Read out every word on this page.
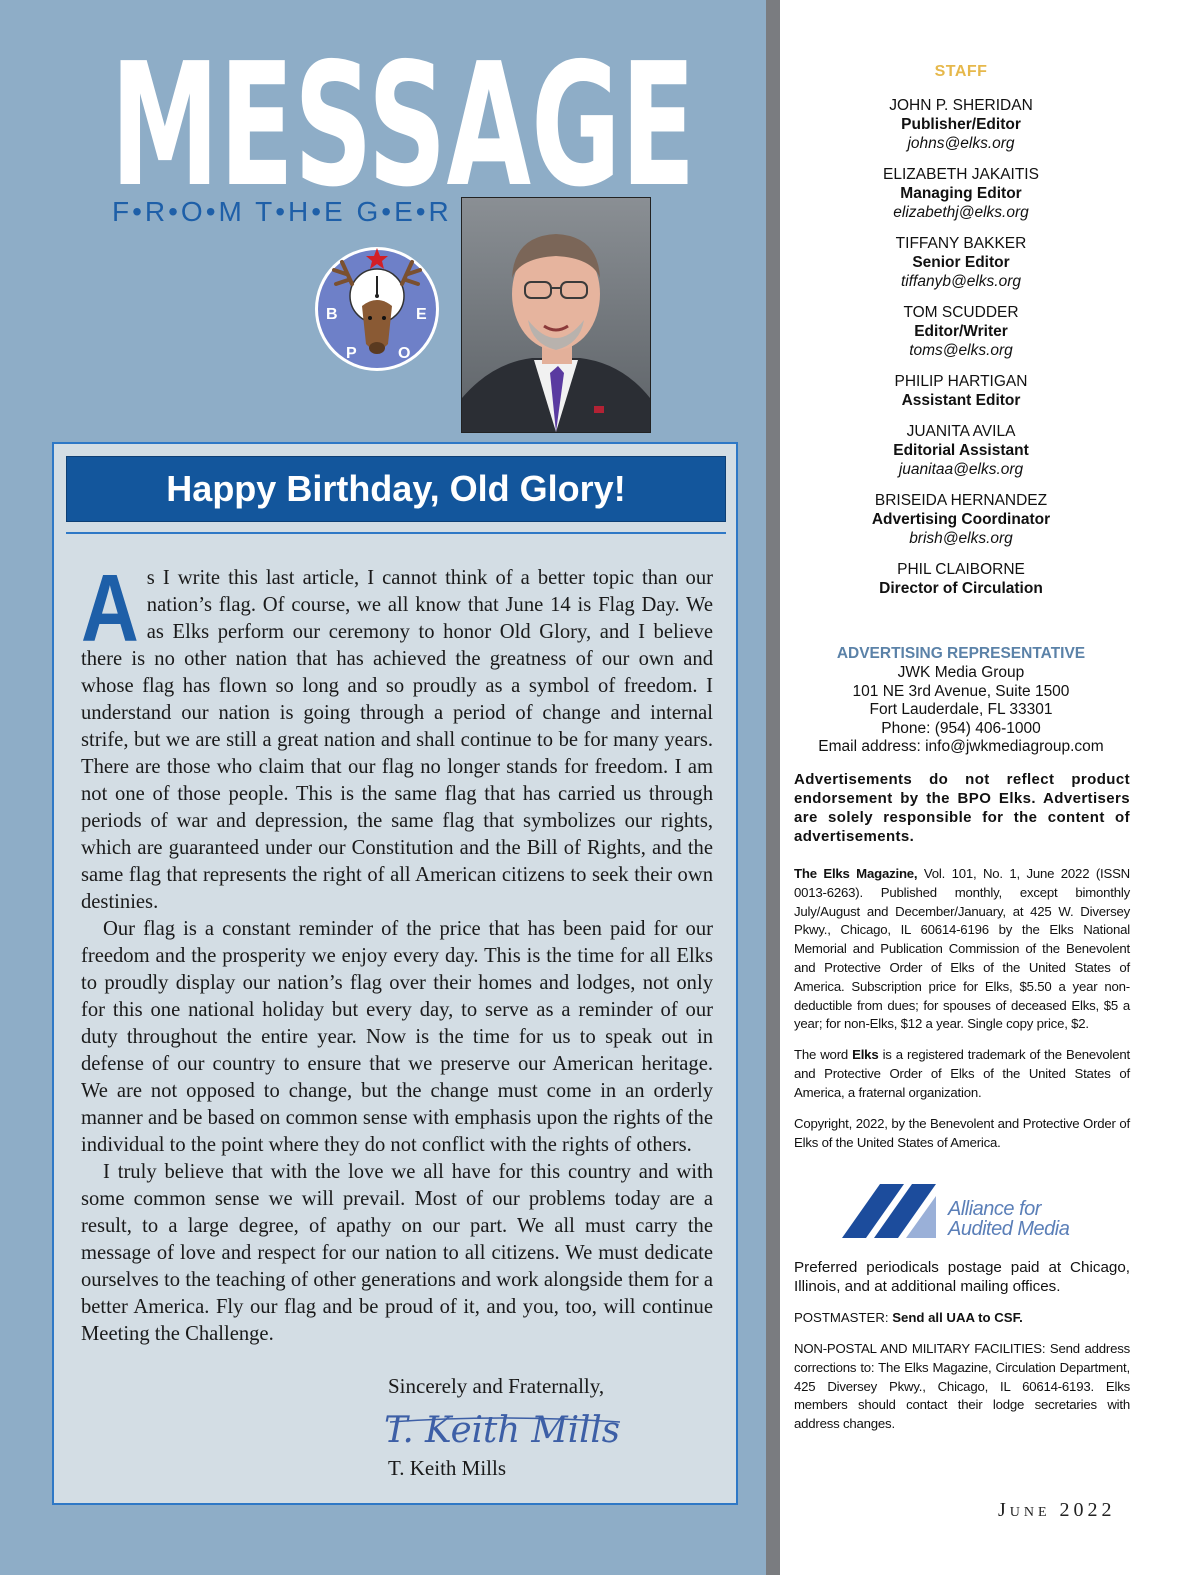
MESSAGE
F•R•O•M T•H•E G•E•R
B
P	O
E
Happy Birthday, Old Glory!

As I write this last article, I cannot think of a better topic than our nation’s flag. Of course, we all know that June 14 is Flag Day. We as Elks perform our ceremony to honor Old Glory, and I believe there is no other nation that has achieved the greatness of our own and whose flag has flown so long and so proudly as a symbol of freedom. I understand our nation is going through a period of change and internal strife, but we are still a great nation and shall continue to be for many years. There are those who claim that our flag no longer stands for freedom. I am not one of those people. This is the same flag that has carried us through periods of war and depression, the same flag that symbolizes our rights, which are guaranteed under our Constitution and the Bill of Rights, and the same flag that represents the right of all American citizens to seek their own destinies.

Our flag is a constant reminder of the price that has been paid for our freedom and the prosperity we enjoy every day. This is the time for all Elks to proudly display our nation’s flag over their homes and lodges, not only for this one national holiday but every day, to serve as a reminder of our duty throughout the entire year. Now is the time for us to speak out in defense of our country to ensure that we preserve our American heritage. We are not opposed to change, but the change must come in an orderly manner and be based on common sense with emphasis upon the rights of the individual to the point where they do not conflict with the rights of others.

I truly believe that with the love we all have for this country and with some common sense we will prevail. Most of our problems today are a result, to a large degree, of apathy on our part. We all must carry the message of love and respect for our nation to all citizens. We must dedicate ourselves to the teaching of other generations and work alongside them for a better America. Fly our flag and be proud of it, and you, too, will continue Meeting the Challenge.

Sincerely and Fraternally,
T. Keith Mills
T. Keith Mills
STAFF
JOHN P. SHERIDAN
Publisher/Editor
johns@elks.org
ELIZABETH JAKAITIS
Managing Editor
elizabethj@elks.org
TIFFANY BAKKER
Senior Editor
tiffanyb@elks.org
TOM SCUDDER
Editor/Writer
toms@elks.org
PHILIP HARTIGAN
Assistant Editor
JUANITA AVILA
Editorial Assistant
juanitaa@elks.org
BRISEIDA HERNANDEZ
Advertising Coordinator
brish@elks.org
PHIL CLAIBORNE
Director of Circulation
ADVERTISING REPRESENTATIVE
JWK Media Group
101 NE 3rd Avenue, Suite 1500
Fort Lauderdale, FL 33301
Phone: (954) 406-1000
Email address: info@jwkmediagroup.com
Advertisements do not reflect product endorsement by the BPO Elks. Advertisers are solely responsible for the content of advertisements.
The Elks Magazine, Vol. 101, No. 1, June 2022 (ISSN 0013-6263). Published monthly, except bimonthly July/August and December/January, at 425 W. Diversey Pkwy., Chicago, IL 60614-6196 by the Elks National Memorial and Publication Commission of the Benevolent and Protective Order of Elks of the United States of America. Subscription price for Elks, $5.50 a year non-deductible from dues; for spouses of deceased Elks, $5 a year; for non-Elks, $12 a year. Single copy price, $2.
The word Elks is a registered trademark of the Benevolent and Protective Order of Elks of the United States of America, a fraternal organization.
Copyright, 2022, by the Benevolent and Protective Order of Elks of the United States of America.
Alliance for
Audited Media
Preferred periodicals postage paid at Chicago, Illinois, and at additional mailing offices.
POSTMASTER: Send all UAA to CSF.
NON-POSTAL AND MILITARY FACILITIES: Send address corrections to: The Elks Magazine, Circulation Department, 425 Diversey Pkwy., Chicago, IL 60614-6193. Elks members should contact their lodge secretaries with address changes.
June 2022
